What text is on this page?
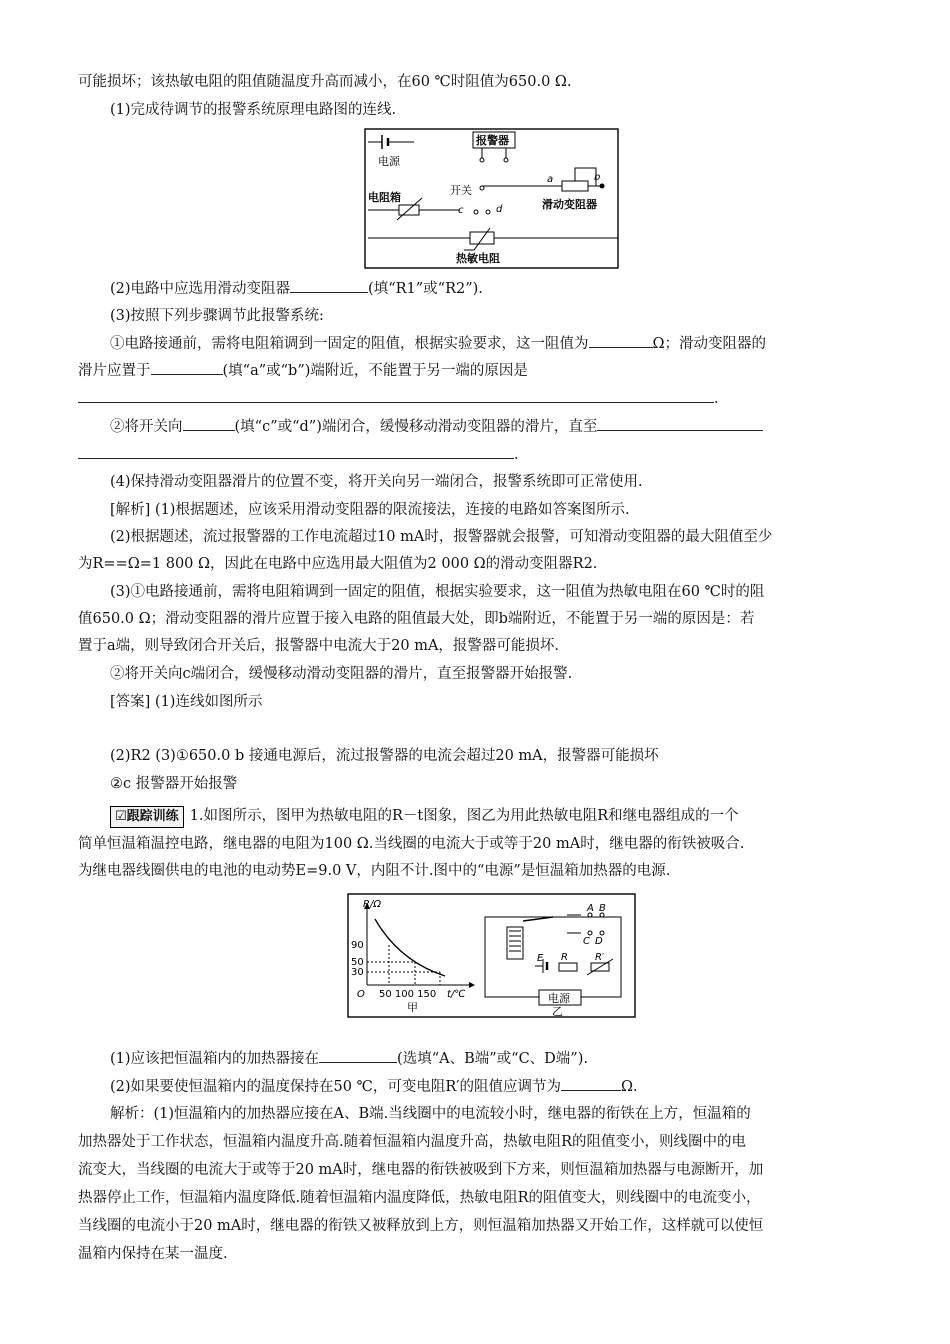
可能损坏；该热敏电阻的阻值随温度升高而减小，在60 ℃时阻值为650.0 Ω.
(1)完成待调节的报警系统原理电路图的连线.
电源
报警器
电阻箱
开关
c	d
a	b
滑动变阻器
热敏电阻
(2)电路中应选用滑动变阻器	(填“R1”或“R2”).
(3)按照下列步骤调节此报警系统:
①电路接通前，需将电阻箱调到一固定的阻值，根据实验要求，这一阻值为	Ω；滑动变阻器的
滑片应置于	(填“a”或“b”)端附近，不能置于另一端的原因是
.
②将开关向	(填“c”或“d”)端闭合，缓慢移动滑动变阻器的滑片，直至
.
(4)保持滑动变阻器滑片的位置不变，将开关向另一端闭合，报警系统即可正常使用.
[解析] (1)根据题述，应该采用滑动变阻器的限流接法，连接的电路如答案图所示.
(2)根据题述，流过报警器的工作电流超过10 mA时，报警器就会报警，可知滑动变阻器的最大阻值至少
为R==Ω=1 800 Ω，因此在电路中应选用最大阻值为2 000 Ω的滑动变阻器R2.
(3)①电路接通前，需将电阻箱调到一固定的阻值，根据实验要求，这一阻值为热敏电阻在60 ℃时的阻
值650.0 Ω；滑动变阻器的滑片应置于接入电路的阻值最大处，即b端附近，不能置于另一端的原因是：若
置于a端，则导致闭合开关后，报警器中电流大于20 mA，报警器可能损坏.
②将开关向c端闭合，缓慢移动滑动变阻器的滑片，直至报警器开始报警.
[答案] (1)连线如图所示
(2)R2 (3)①650.0 b 接通电源后，流过报警器的电流会超过20 mA，报警器可能损坏
②c 报警器开始报警
☑跟踪训练 1.如图所示，图甲为热敏电阻的R－t图象，图乙为用此热敏电阻R和继电器组成的一个
简单恒温箱温控电路，继电器的电阻为100 Ω.当线圈的电流大于或等于20 mA时，继电器的衔铁被吸合.
为继电器线圈供电的电池的电动势E=9.0 V，内阻不计.图中的“电源”是恒温箱加热器的电源.
R/Ω
90
50
30
O 50 100 150 t/℃
甲
A B
C D
E R	R′
电源
乙
(1)应该把恒温箱内的加热器接在	(选填“A、B端”或“C、D端”).
(2)如果要使恒温箱内的温度保持在50 ℃，可变电阻R′的阻值应调节为	Ω.
解析：(1)恒温箱内的加热器应接在A、B端.当线圈中的电流较小时，继电器的衔铁在上方，恒温箱的
加热器处于工作状态，恒温箱内温度升高.随着恒温箱内温度升高，热敏电阻R的阻值变小，则线圈中的电
流变大，当线圈的电流大于或等于20 mA时，继电器的衔铁被吸到下方来，则恒温箱加热器与电源断开，加
热器停止工作，恒温箱内温度降低.随着恒温箱内温度降低，热敏电阻R的阻值变大，则线圈中的电流变小，
当线圈的电流小于20 mA时，继电器的衔铁又被释放到上方，则恒温箱加热器又开始工作，这样就可以使恒
温箱内保持在某一温度.
